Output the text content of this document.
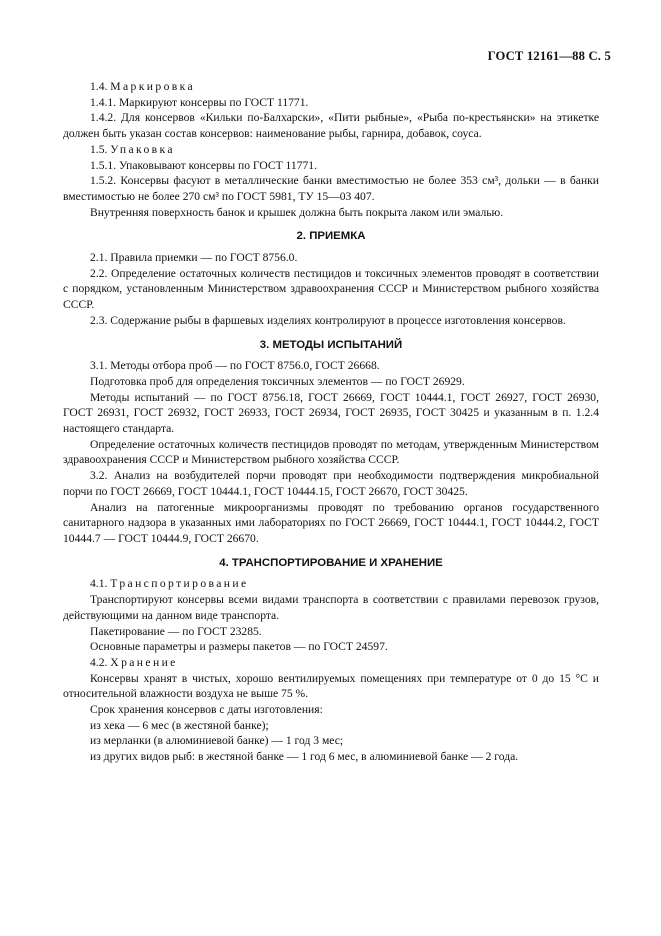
ГОСТ 12161—88 С. 5

1.4. Маркировка

1.4.1. Маркируют консервы по ГОСТ 11771.

1.4.2. Для консервов «Кильки по-Балхарски», «Пити рыбные», «Рыба по-крестьянски» на этикетке должен быть указан состав консервов: наименование рыбы, гарнира, добавок, соуса.

1.5. Упаковка

1.5.1. Упаковывают консервы по ГОСТ 11771.

1.5.2. Консервы фасуют в металлические банки вместимостью не более 353 см³, дольки — в банки вместимостью не более 270 см³ по ГОСТ 5981, ТУ 15—03 407.

Внутренняя поверхность банок и крышек должна быть покрыта лаком или эмалью.

2. ПРИЕМКА

2.1. Правила приемки — по ГОСТ 8756.0.

2.2. Определение остаточных количеств пестицидов и токсичных элементов проводят в соответствии с порядком, установленным Министерством здравоохранения СССР и Министерством рыбного хозяйства СССР.

2.3. Содержание рыбы в фаршевых изделиях контролируют в процессе изготовления консервов.

3. МЕТОДЫ ИСПЫТАНИЙ

3.1. Методы отбора проб — по ГОСТ 8756.0, ГОСТ 26668.

Подготовка проб для определения токсичных элементов — по ГОСТ 26929.

Методы испытаний — по ГОСТ 8756.18, ГОСТ 26669, ГОСТ 10444.1, ГОСТ 26927, ГОСТ 26930, ГОСТ 26931, ГОСТ 26932, ГОСТ 26933, ГОСТ 26934, ГОСТ 26935, ГОСТ 30425 и указанным в п. 1.2.4 настоящего стандарта.

Определение остаточных количеств пестицидов проводят по методам, утвержденным Министерством здравоохранения СССР и Министерством рыбного хозяйства СССР.

3.2. Анализ на возбудителей порчи проводят при необходимости подтверждения микробиальной порчи по ГОСТ 26669, ГОСТ 10444.1, ГОСТ 10444.15, ГОСТ 26670, ГОСТ 30425.

Анализ на патогенные микроорганизмы проводят по требованию органов государственного санитарного надзора в указанных ими лабораториях по ГОСТ 26669, ГОСТ 10444.1, ГОСТ 10444.2, ГОСТ 10444.7 — ГОСТ 10444.9, ГОСТ 26670.

4. ТРАНСПОРТИРОВАНИЕ И ХРАНЕНИЕ

4.1. Транспортирование

Транспортируют консервы всеми видами транспорта в соответствии с правилами перевозок грузов, действующими на данном виде транспорта.

Пакетирование — по ГОСТ 23285.

Основные параметры и размеры пакетов — по ГОСТ 24597.

4.2. Хранение

Консервы хранят в чистых, хорошо вентилируемых помещениях при температуре от 0 до 15 °С и относительной влажности воздуха не выше 75 %.

Срок хранения консервов с даты изготовления:

из хека — 6 мес (в жестяной банке);

из мерланки (в алюминиевой банке) — 1 год 3 мес;

из других видов рыб: в жестяной банке — 1 год 6 мес, в алюминиевой банке — 2 года.
